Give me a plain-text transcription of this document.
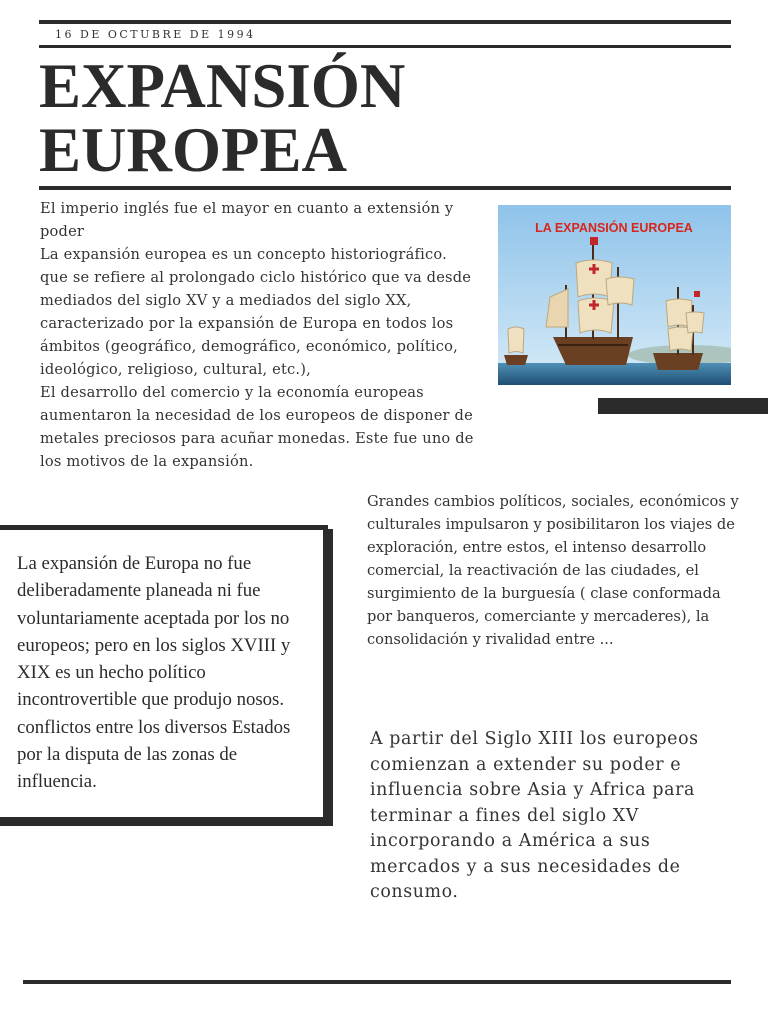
16 DE OCTUBRE DE 1994
EXPANSIÓN
EUROPEA

El imperio inglés fue el mayor en cuanto a extensión y poder

La expansión europea es un concepto historiográfico.

que se refiere al prolongado ciclo histórico que va desde mediados del siglo XV y a mediados del siglo XX, caracterizado por la expansión de Europa en todos los ámbitos (geográfico, demográfico, económico, político, ideológico, religioso, cultural, etc.),

El desarrollo del comercio y la economía europeas aumentaron la necesidad de los europeos de disponer de metales preciosos para acuñar monedas. Este fue uno de los motivos de la expansión.

LA EXPANSIÓN EUROPEA

La expansión de Europa no fue deliberadamente planeada ni fue voluntariamente aceptada por los no europeos; pero en los siglos XVIII y XIX es un hecho político incontrovertible que produjo nosos. conflictos entre los diversos Estados por la disputa de las zonas de influencia.

Grandes cambios políticos, sociales, económicos y culturales impulsaron y posibilitaron los viajes de exploración, entre estos, el intenso desarrollo comercial, la reactivación de las ciudades, el surgimiento de la burguesía ( clase conformada por banqueros, comerciante y mercaderes), la consolidación y rivalidad entre ...

A partir del Siglo XIII los europeos comienzan a extender su poder e influencia sobre Asia y Africa para terminar a fines del siglo XV incorporando a América a sus mercados y a sus necesidades de consumo.
